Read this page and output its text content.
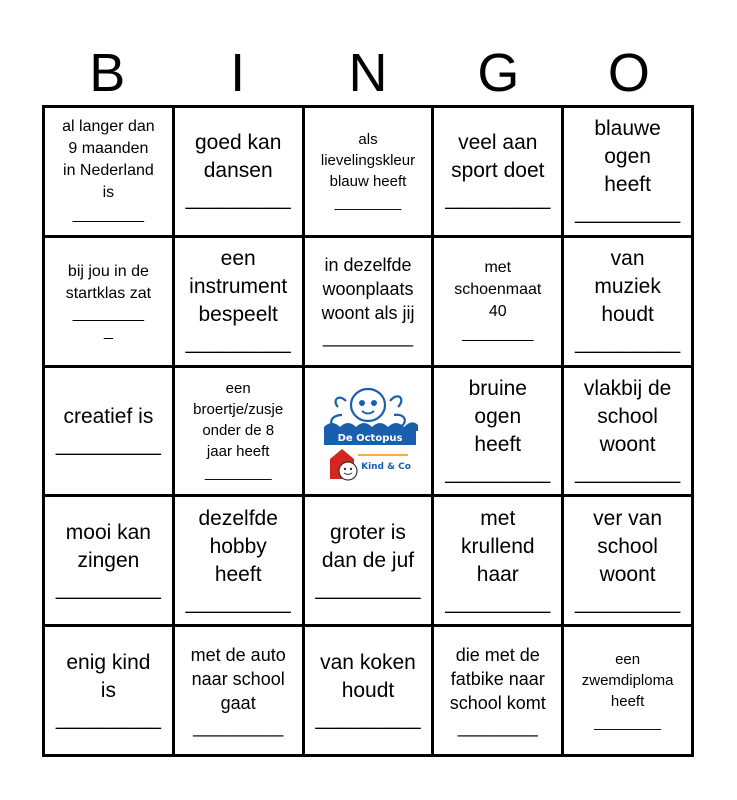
B	I	N	G	O
al langer dan
9 maanden
in Nederland
is
________
goed kan
dansen
_________
als
lievelingskleur
blauw heeft
________
veel aan
sport doet
_________
blauwe
ogen
heeft
_________
bij jou in de
startklas zat
________
_
een
instrument
bespeelt
_________
in dezelfde
woonplaats
woont als jij
_________
met
schoenmaat
40
________
van
muziek
houdt
_________
creatief is
_________
een
broertje/zusje
onder de 8
jaar heeft
________
De Octopus
Kind & Co
bruine
ogen
heeft
_________
vlakbij de
school
woont
_________
mooi kan
zingen
_________
dezelfde
hobby
heeft
_________
groter is
dan de juf
_________
met
krullend
haar
_________
ver van
school
woont
_________
enig kind
is
_________
met de auto
naar school
gaat
_________
van koken
houdt
_________
die met de
fatbike naar
school komt
________
een
zwemdiploma
heeft
________
